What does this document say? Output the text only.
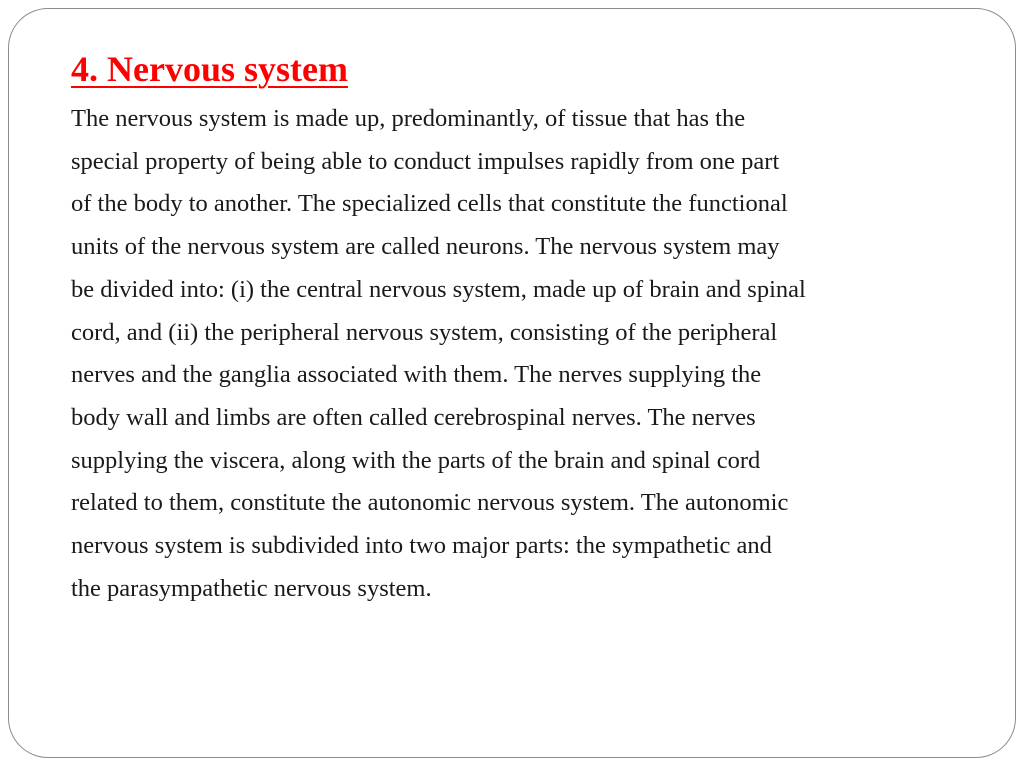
4. Nervous system

The nervous system is made up, predominantly, of tissue that has the
special property of being able to conduct impulses rapidly from one part
of the body to another. The specialized cells that constitute the functional
units of the nervous system are called neurons. The nervous system may
be divided into: (i) the central nervous system, made up of brain and spinal
cord, and (ii) the peripheral nervous system, consisting of the peripheral
nerves and the ganglia associated with them. The nerves supplying the
body wall and limbs are often called cerebrospinal nerves. The nerves
supplying the viscera, along with the parts of the brain and spinal cord
related to them, constitute the autonomic nervous system. The autonomic
nervous system is subdivided into two major parts: the sympathetic and
the parasympathetic nervous system.
